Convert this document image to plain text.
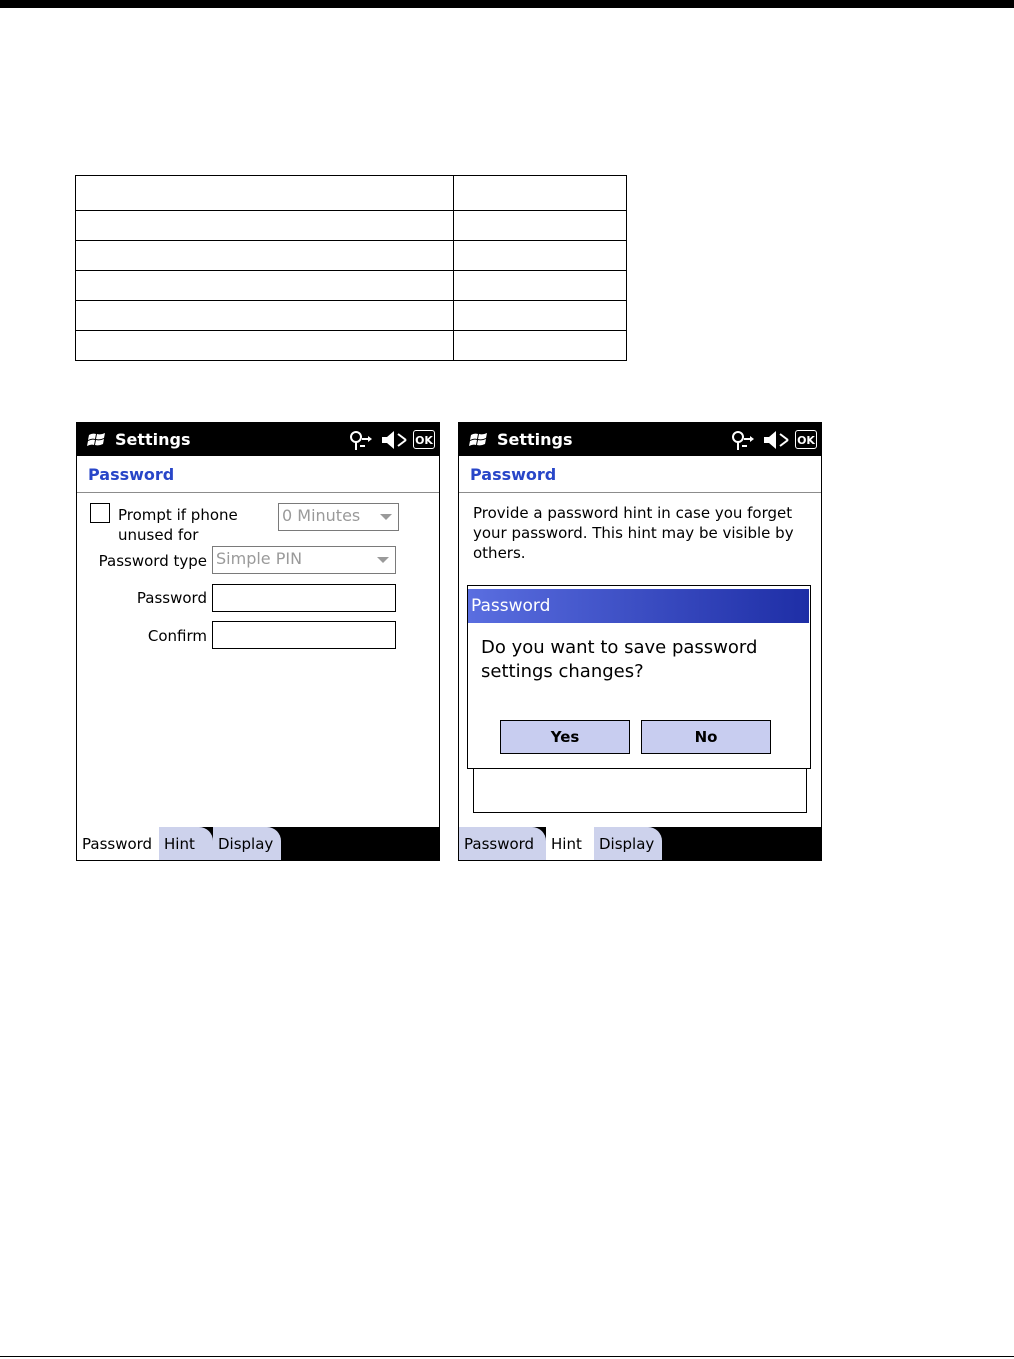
Settings	OK
Password
Prompt if phone
unused for
0 Minutes
Password type Simple PIN
Password
Confirm
Password Hint	Display
Settings	OK
Password
Provide a password hint in case you forget your password. This hint may be visible by others.
Password
Do you want to save password settings changes?
Yes	No
Password	Hint	Display
